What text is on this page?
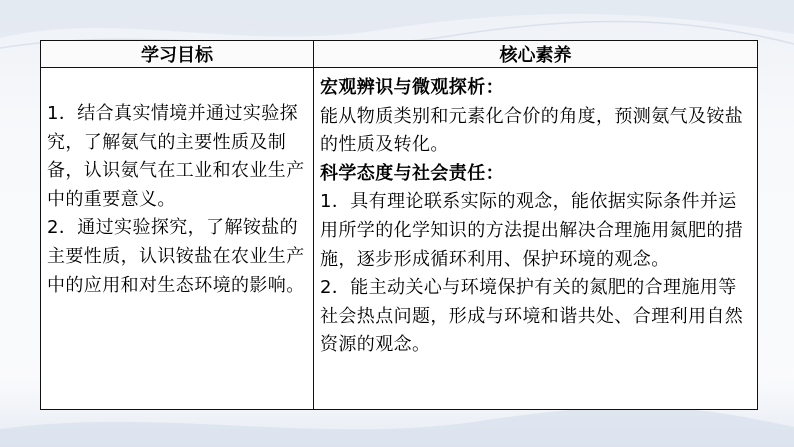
学习目标	核心素养

1．结合真实情境并通过实验探究，了解氨气的主要性质及制备，认识氨气在工业和农业生产中的重要意义。
2．通过实验探究，了解铵盐的主要性质，认识铵盐在农业生产中的应用和对生态环境的影响。	宏观辨识与微观探析：
能从物质类别和元素化合价的角度，预测氨气及铵盐的性质及转化。
科学态度与社会责任：
1．具有理论联系实际的观念，能依据实际条件并运用所学的化学知识的方法提出解决合理施用氮肥的措施，逐步形成循环利用、保护环境的观念。
2．能主动关心与环境保护有关的氮肥的合理施用等社会热点问题，形成与环境和谐共处、合理利用自然资源的观念。
